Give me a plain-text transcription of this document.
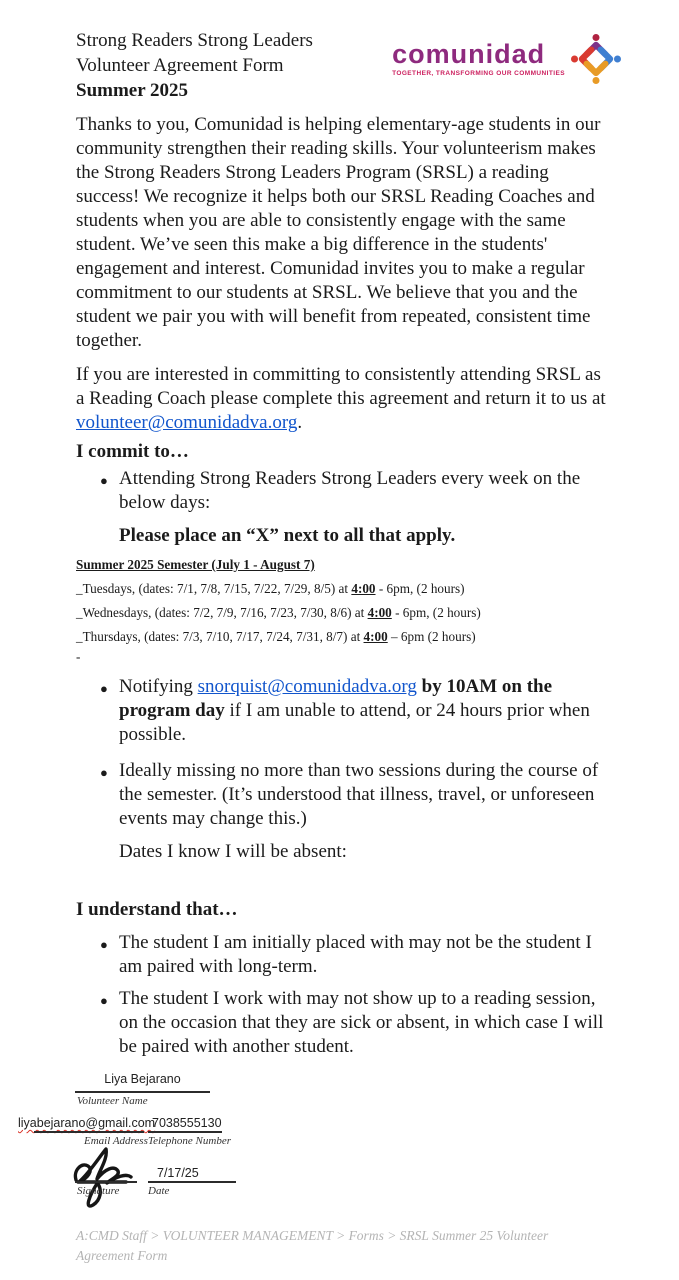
Strong Readers Strong Leaders
Volunteer Agreement Form
Summer 2025
comunidad
TOGETHER, TRANSFORMING OUR COMMUNITIES

Thanks to you, Comunidad is helping elementary-age students in our community strengthen their reading skills. Your volunteerism makes the Strong Readers Strong Leaders Program (SRSL) a reading success! We recognize it helps both our SRSL Reading Coaches and students when you are able to consistently engage with the same student. We’ve seen this make a big difference in the students' engagement and interest. Comunidad invites you to make a regular commitment to our students at SRSL. We believe that you and the student we pair you with will benefit from repeated, consistent time together.

If you are interested in committing to consistently attending SRSL as a Reading Coach please complete this agreement and return it to us at volunteer@comunidadva.org.

I commit to…
● Attending Strong Readers Strong Leaders every week on the below days:
Please place an “X” next to all that apply.
Summer 2025 Semester (July 1 - August 7)
_Tuesdays, (dates: 7/1, 7/8, 7/15, 7/22, 7/29, 8/5) at 4:00 - 6pm, (2 hours)
_Wednesdays, (dates: 7/2, 7/9, 7/16, 7/23, 7/30, 8/6) at 4:00 - 6pm, (2 hours)
_Thursdays, (dates: 7/3, 7/10, 7/17, 7/24, 7/31, 8/7) at 4:00 – 6pm (2 hours)
-
● Notifying snorquist@comunidadva.org by 10AM on the program day if I am unable to attend, or 24 hours prior when possible.
● Ideally missing no more than two sessions during the course of the semester. (It’s understood that illness, travel, or unforeseen events may change this.)
Dates I know I will be absent:
I understand that…
● The student I am initially placed with may not be the student I am paired with long-term.
● The student I work with may not show up to a reading session, on the occasion that they are sick or absent, in which case I will be paired with another student.
Liya Bejarano
Volunteer Name
liyabejarano@gmail.com
Email Address
7038555130
Telephone Number
Signature
7/17/25
Date
A:CMD Staff > VOLUNTEER MANAGEMENT > Forms > SRSL Summer 25 Volunteer Agreement Form
